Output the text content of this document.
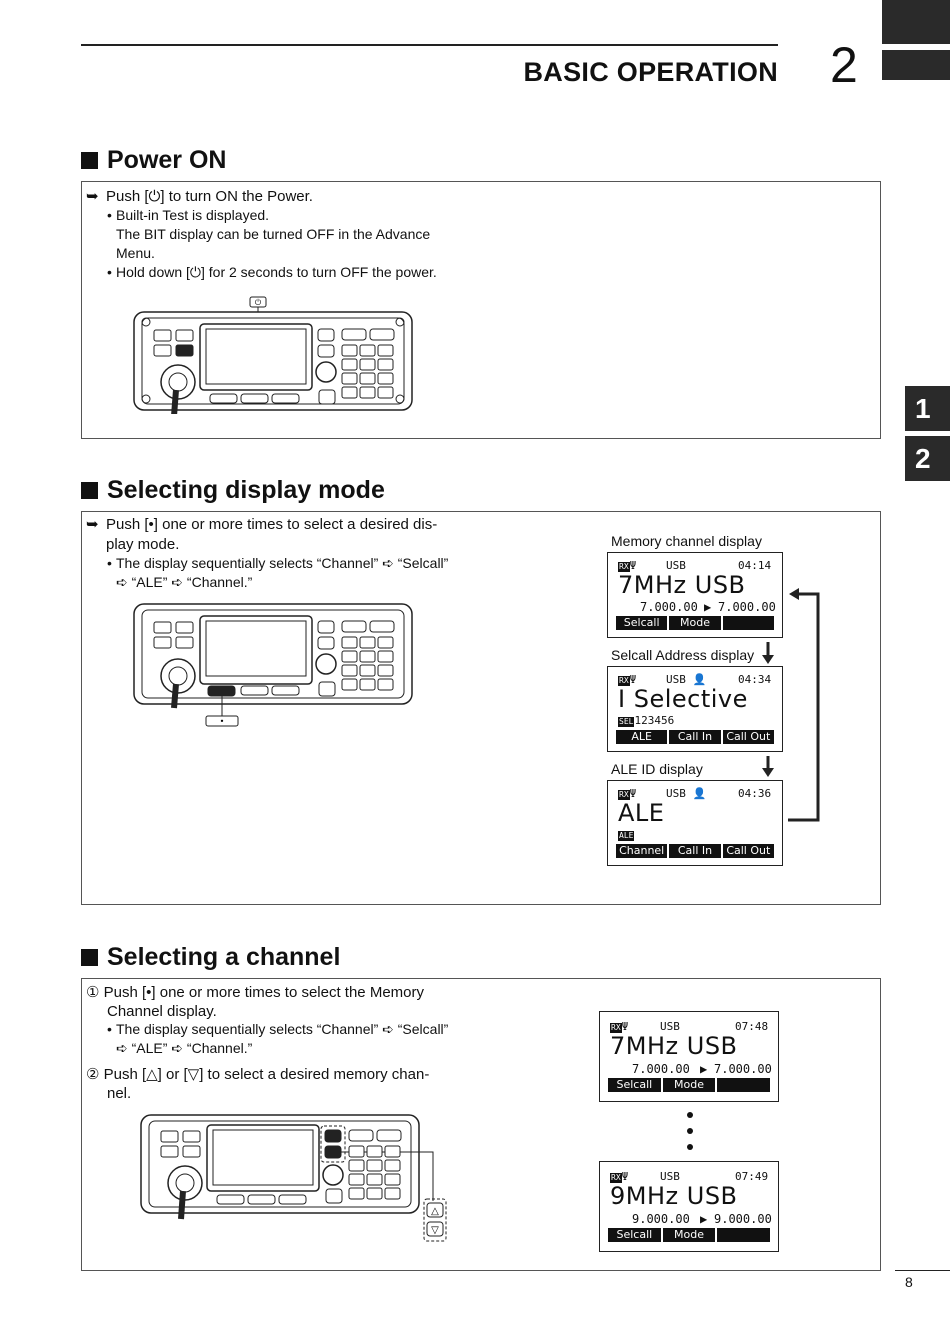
BASIC OPERATION 2
1
2
Power ON
➥ Push [⏻] to turn ON the Power.
• Built-in Test is displayed.
The BIT display can be turned OFF in the Advance
Menu.
• Hold down [⏻] for 2 seconds to turn OFF the power.
⏻
Selecting display mode
➥ Push [•] one or more times to select a desired dis-
play mode.
• The display sequentially selects “Channel” ➪ “Selcall”
➪ “ALE” ➪ “Channel.”
•
Memory channel display
RXΨ	USB	04:14
7MHz USB
7.000.00 ▶ 7.000.00
Selcall	Mode
Selcall Address display
RXΨ	USB 👤	04:34
I Selective
SEL123456
ALE	Call In	Call Out
ALE ID display
RXΨ	USB 👤	04:36
ALE
ALE
Channel	Call In	Call Out
Selecting a channel
① Push [•] one or more times to select the Memory
Channel display.
• The display sequentially selects “Channel” ➪ “Selcall”
➪ “ALE” ➪ “Channel.”
② Push [△] or [▽] to select a desired memory chan-
nel.
△
▽
RXΨ	USB	07:48
7MHz USB
7.000.00 ▶ 7.000.00
Selcall	Mode
RXΨ	USB	07:49
9MHz USB
9.000.00 ▶ 9.000.00
Selcall	Mode
8
